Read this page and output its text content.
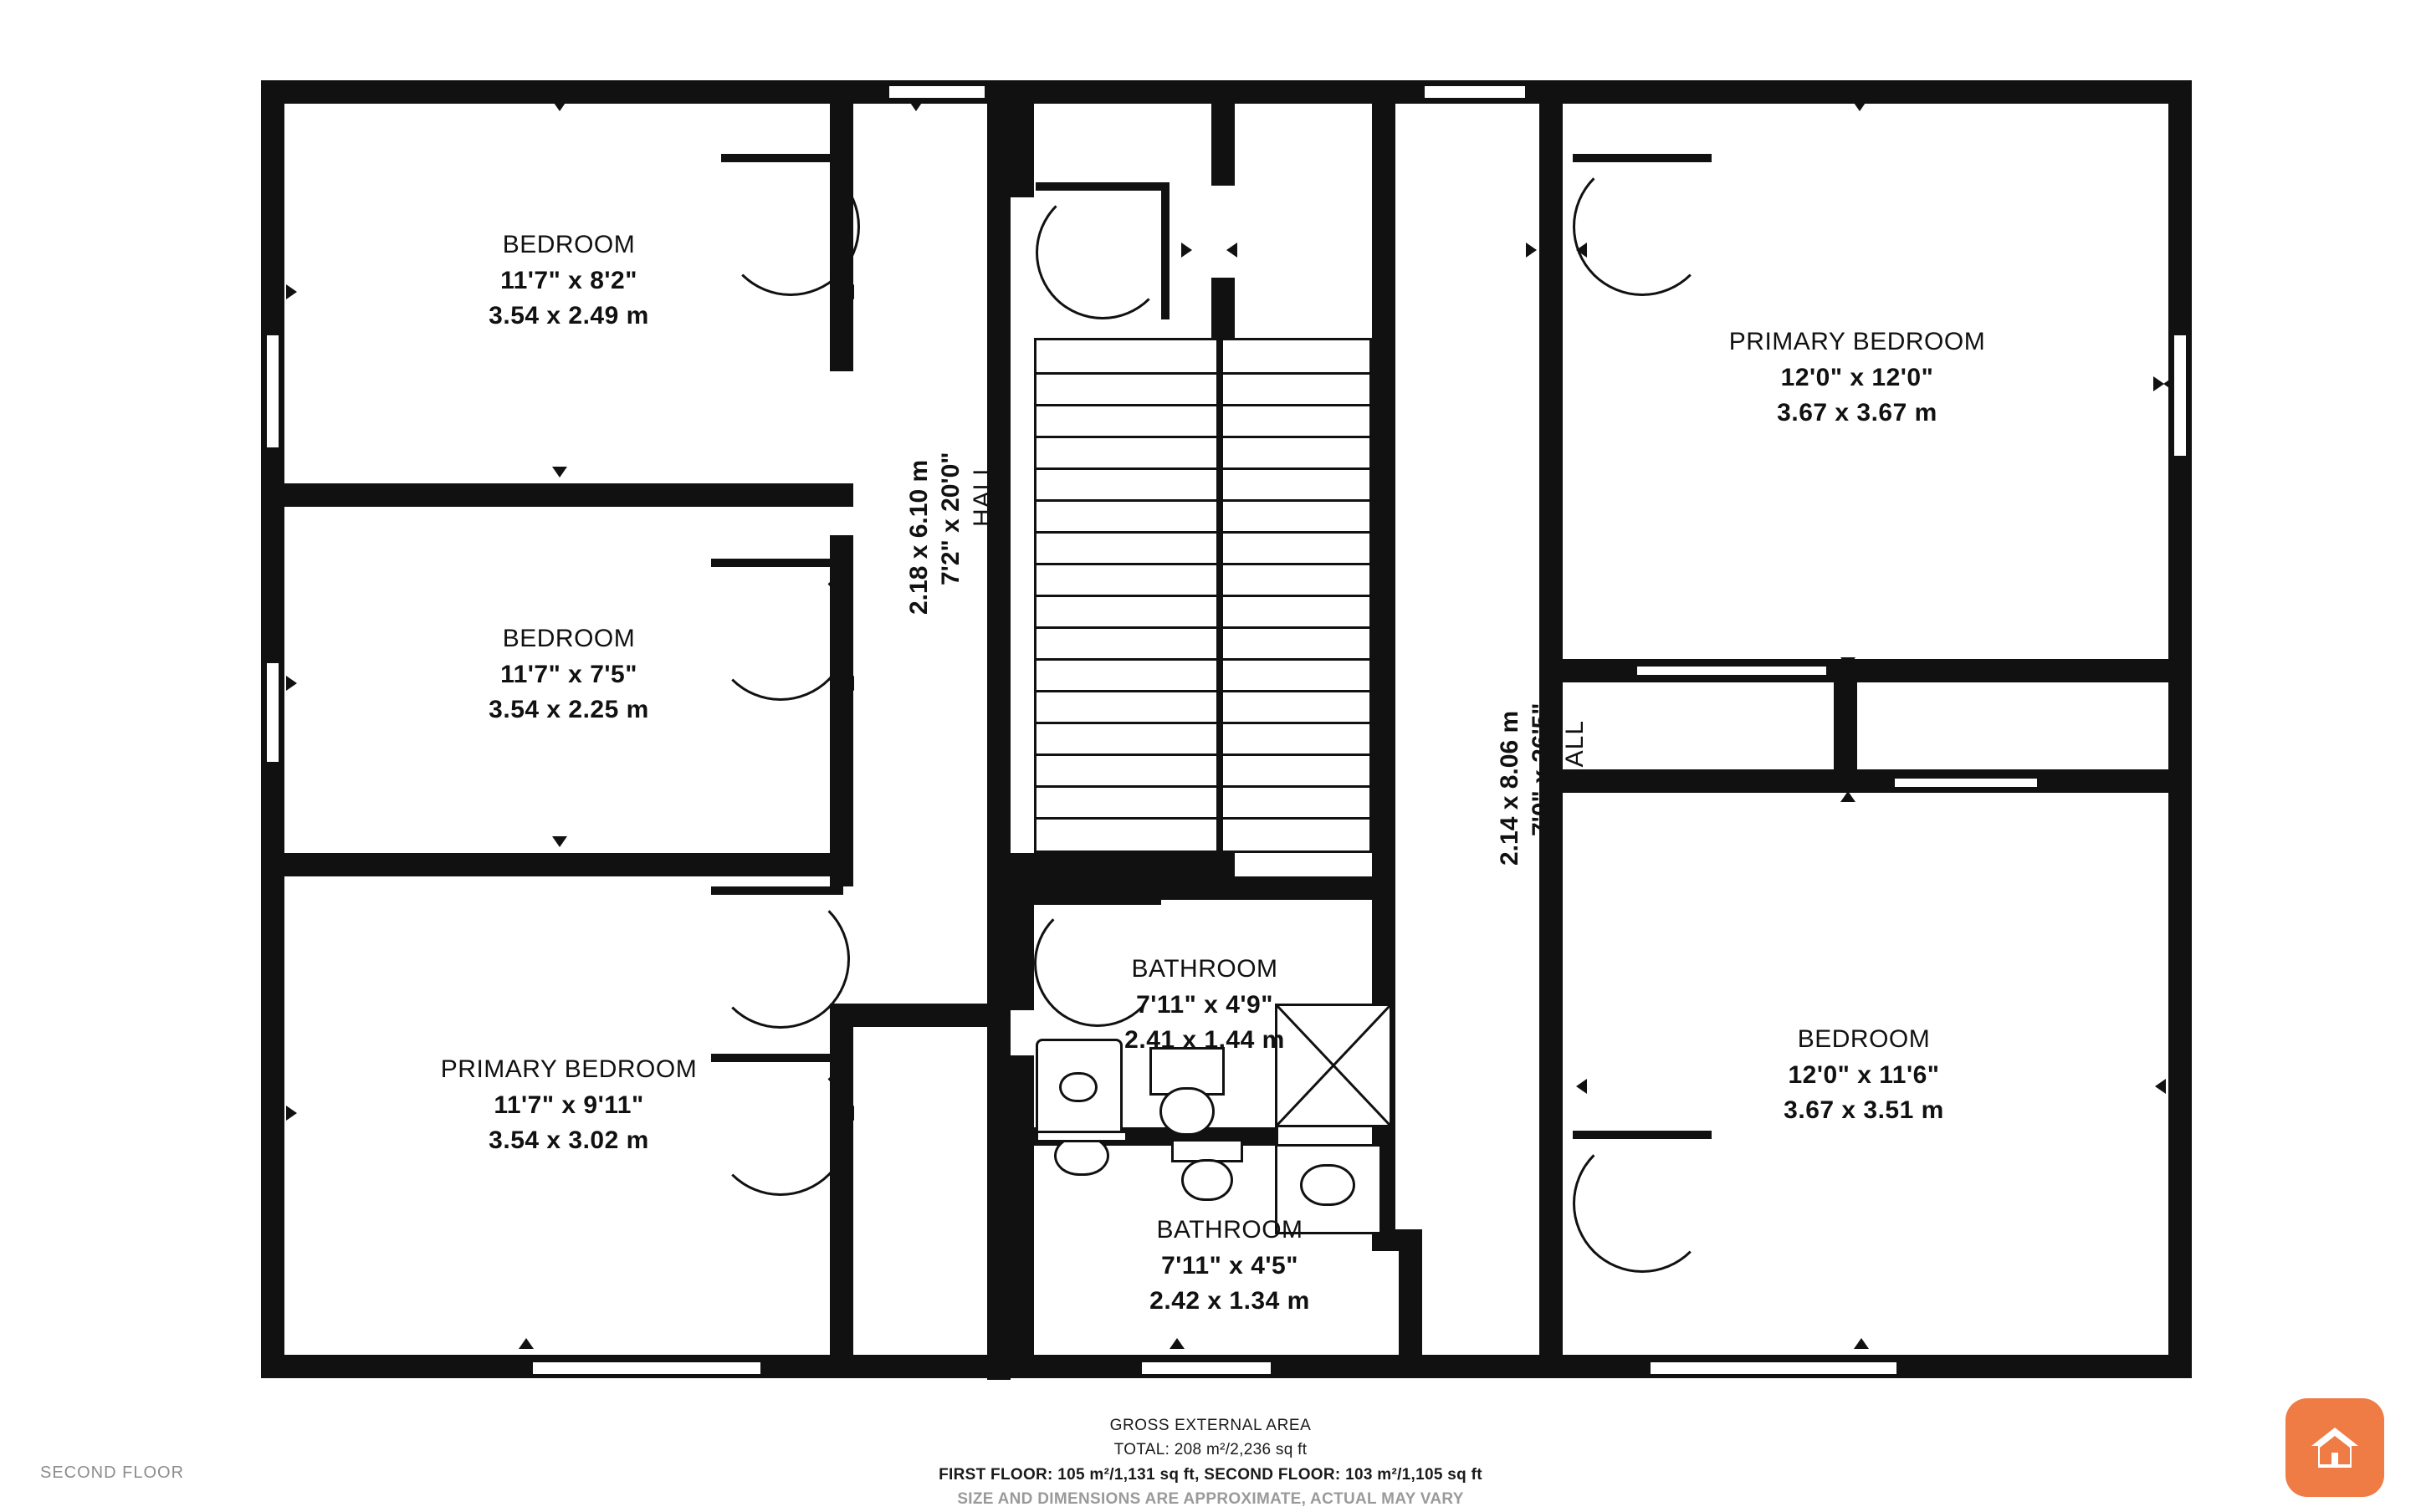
BEDROOM
11'7" x 8'2"
3.54 x 2.49 m
BEDROOM
11'7" x 7'5"
3.54 x 2.25 m
PRIMARY BEDROOM
11'7" x 9'11"
3.54 x 3.02 m
PRIMARY BEDROOM
12'0" x 12'0"
3.67 x 3.67 m
BEDROOM
12'0" x 11'6"
3.67 x 3.51 m
BATHROOM
7'11" x 4'9"
2.41 x 1.44 m
BATHROOM
7'11" x 4'5"
2.42 x 1.34 m
HALL
7'2" x 20'0"
2.18 x 6.10 m
HALL
7'0" x 26'5"
2.14 x 8.06 m
GROSS EXTERNAL AREA
TOTAL: 208 m²/2,236 sq ft
FIRST FLOOR: 105 m²/1,131 sq ft, SECOND FLOOR: 103 m²/1,105 sq ft
SIZE AND DIMENSIONS ARE APPROXIMATE, ACTUAL MAY VARY
SECOND FLOOR
